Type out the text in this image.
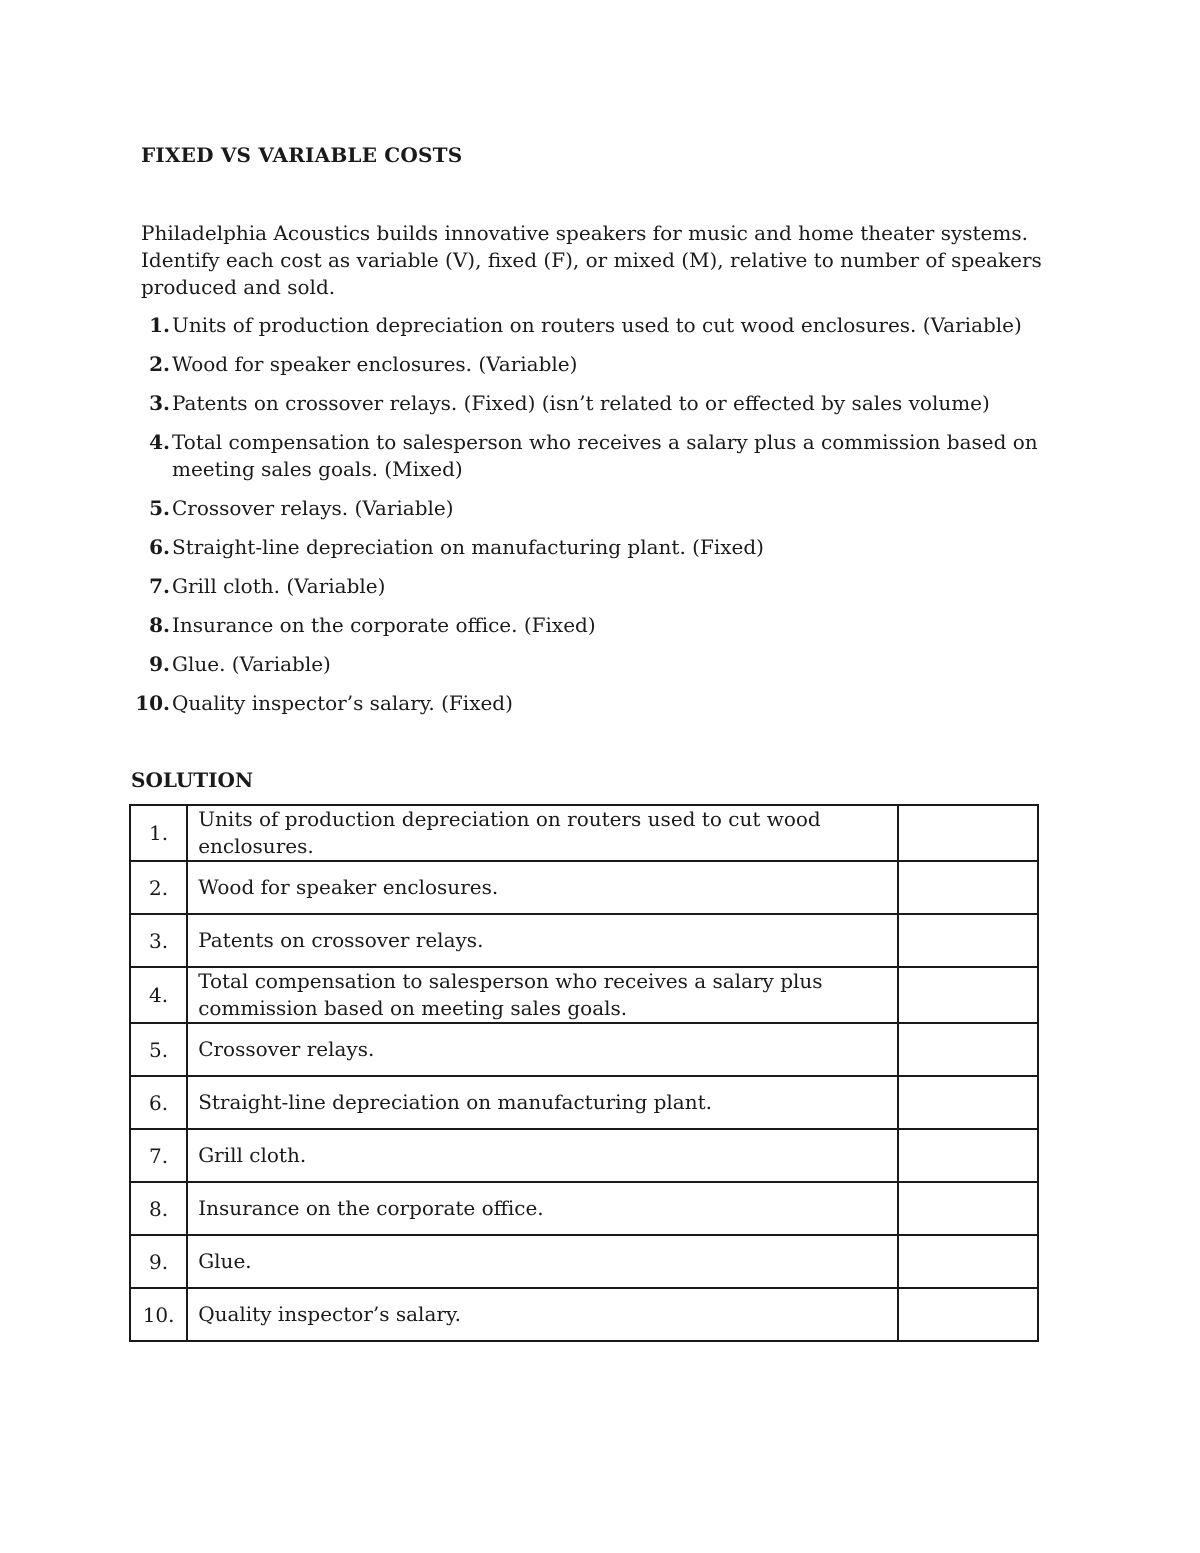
FIXED VS VARIABLE COSTS
Philadelphia Acoustics builds innovative speakers for music and home theater systems. Identify each cost as variable (V), fixed (F), or mixed (M), relative to number of speakers produced and sold.
1. Units of production depreciation on routers used to cut wood enclosures. (Variable)
2. Wood for speaker enclosures. (Variable)
3. Patents on crossover relays. (Fixed) (isn’t related to or effected by sales volume)
4. Total compensation to salesperson who receives a salary plus a commission based on meeting sales goals. (Mixed)
5. Crossover relays. (Variable)
6. Straight-line depreciation on manufacturing plant. (Fixed)
7. Grill cloth. (Variable)
8. Insurance on the corporate office. (Fixed)
9. Glue. (Variable)
10. Quality inspector’s salary. (Fixed)
SOLUTION
1.	Units of production depreciation on routers used to cut wood enclosures.	
2.	Wood for speaker enclosures.	
3.	Patents on crossover relays.	
4.	Total compensation to salesperson who receives a salary plus commission based on meeting sales goals.	
5.	Crossover relays.	
6.	Straight-line depreciation on manufacturing plant.	
7.	Grill cloth.	
8.	Insurance on the corporate office.	
9.	Glue.	
10.	Quality inspector’s salary.	
